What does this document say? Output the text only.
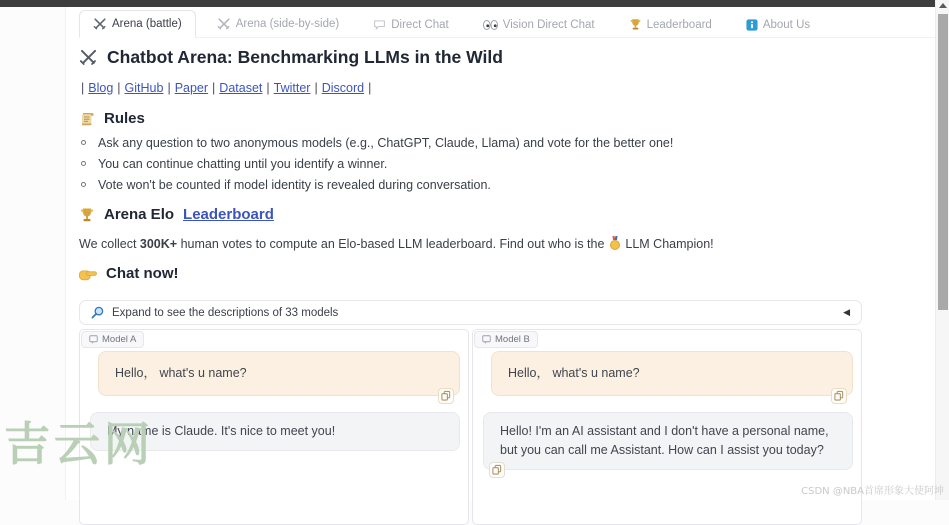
Arena (battle)	Arena (side-by-side)	Direct Chat	Vision Direct Chat	Leaderboard	About Us
Chatbot Arena: Benchmarking LLMs in the Wild
| Blog | GitHub | Paper | Dataset | Twitter | Discord |
Rules
Ask any question to two anonymous models (e.g., ChatGPT, Claude, Llama) and vote for the better one!
You can continue chatting until you identify a winner.
Vote won't be counted if model identity is revealed during conversation.
Arena Elo Leaderboard
We collect 300K+ human votes to compute an Elo-based LLM leaderboard. Find out who is the  LLM Champion!
Chat now!
Expand to see the descriptions of 33 models	◀
Model A
Hello， what's u name?
My name is Claude. It's nice to meet you!
Model B
Hello， what's u name?
Hello! I'm an AI assistant and I don't have a personal name, but you can call me Assistant. How can I assist you today?
吉云网
CSDN @NBA首席形象大使阿坤
